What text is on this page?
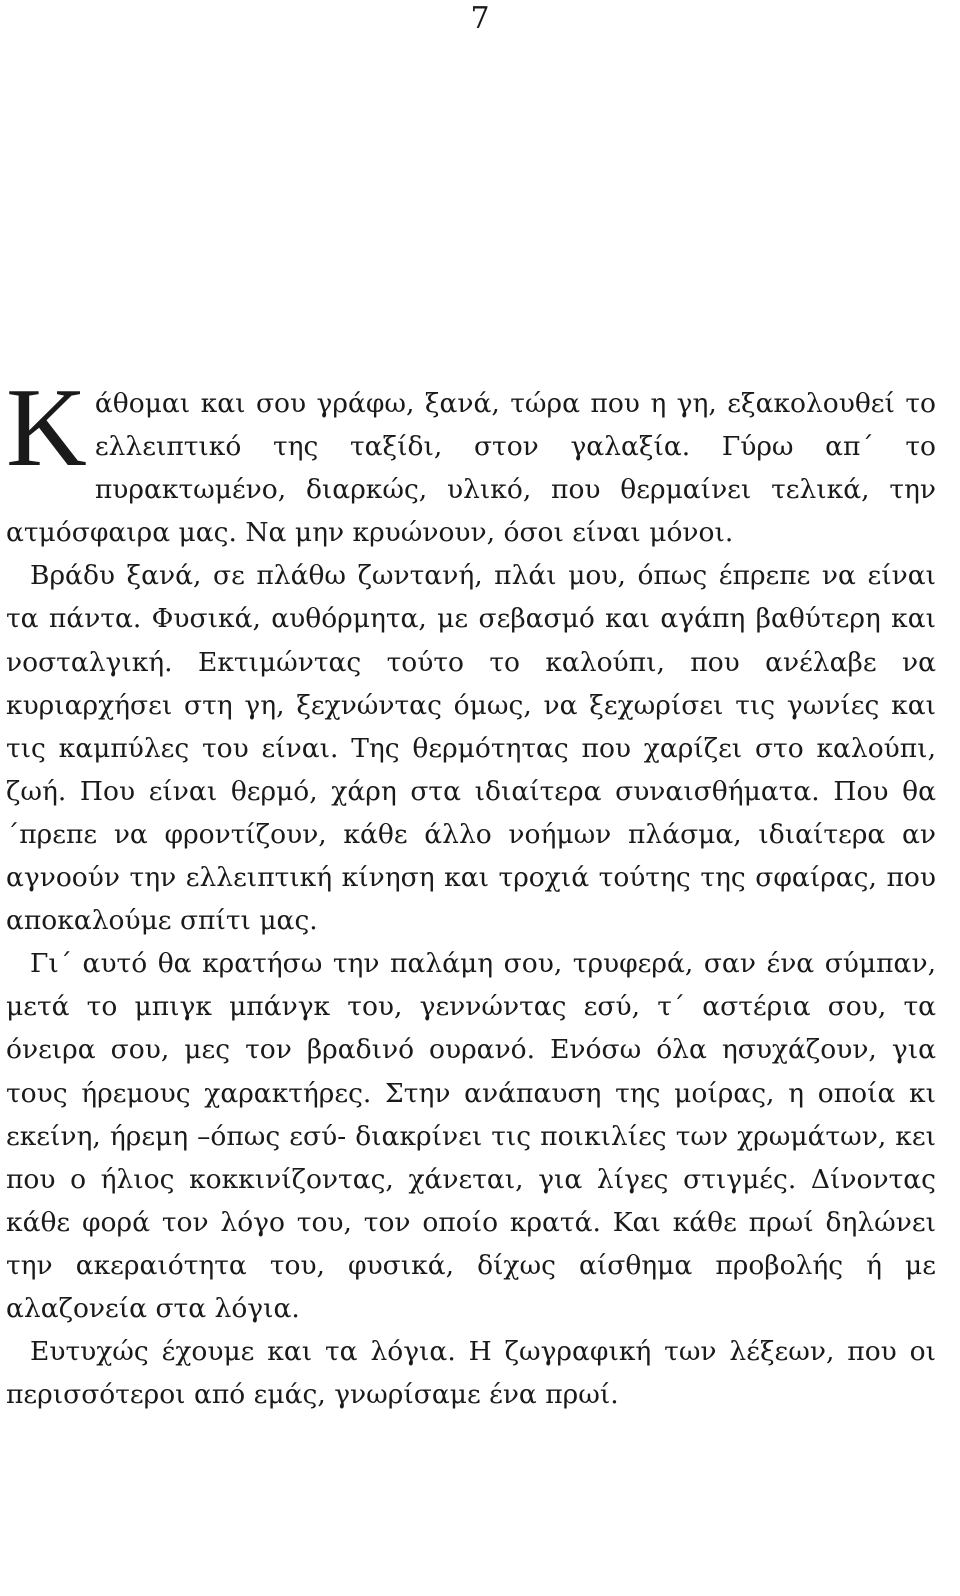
7

Κάθομαι και σου γράφω, ξανά, τώρα που η γη, εξακολουθεί το ελλειπτικό της ταξίδι, στον γαλαξία. Γύρω απ΄ το πυρακτωμένο, διαρκώς, υλικό, που θερμαίνει τελικά, την ατμόσφαιρα μας. Να μην κρυώνουν, όσοι είναι μόνοι.

Βράδυ ξανά, σε πλάθω ζωντανή, πλάι μου, όπως έπρεπε να είναι τα πάντα. Φυσικά, αυθόρμητα, με σεβασμό και αγάπη βαθύτερη και νοσταλγική. Εκτιμώντας τούτο το καλούπι, που ανέλαβε να κυριαρχήσει στη γη, ξεχνώντας όμως, να ξεχωρίσει τις γωνίες και τις καμπύλες του είναι. Της θερμότητας που χαρίζει στο καλούπι, ζωή. Που είναι θερμό, χάρη στα ιδιαίτερα συναισθήματα. Που θα ΄πρεπε να φροντίζουν, κάθε άλλο νοήμων πλάσμα, ιδιαίτερα αν αγνοούν την ελλειπτική κίνηση και τροχιά τούτης της σφαίρας, που αποκαλούμε σπίτι μας.

Γι΄ αυτό θα κρατήσω την παλάμη σου, τρυφερά, σαν ένα σύμπαν, μετά το μπιγκ μπάνγκ του, γεννώντας εσύ, τ΄ αστέρια σου, τα όνειρα σου, μες τον βραδινό ουρανό. Ενόσω όλα ησυχάζουν, για τους ήρεμους χαρακτήρες. Στην ανάπαυση της μοίρας, η οποία κι εκείνη, ήρεμη –όπως εσύ- διακρίνει τις ποικιλίες των χρωμάτων, κει που ο ήλιος κοκκινίζοντας, χάνεται, για λίγες στιγμές. Δίνοντας κάθε φορά τον λόγο του, τον οποίο κρατά. Και κάθε πρωί δηλώνει την ακεραιότητα του, φυσικά, δίχως αίσθημα προβολής ή με αλαζονεία στα λόγια.

Ευτυχώς έχουμε και τα λόγια. Η ζωγραφική των λέξεων, που οι περισσότεροι από εμάς, γνωρίσαμε ένα πρωί.
